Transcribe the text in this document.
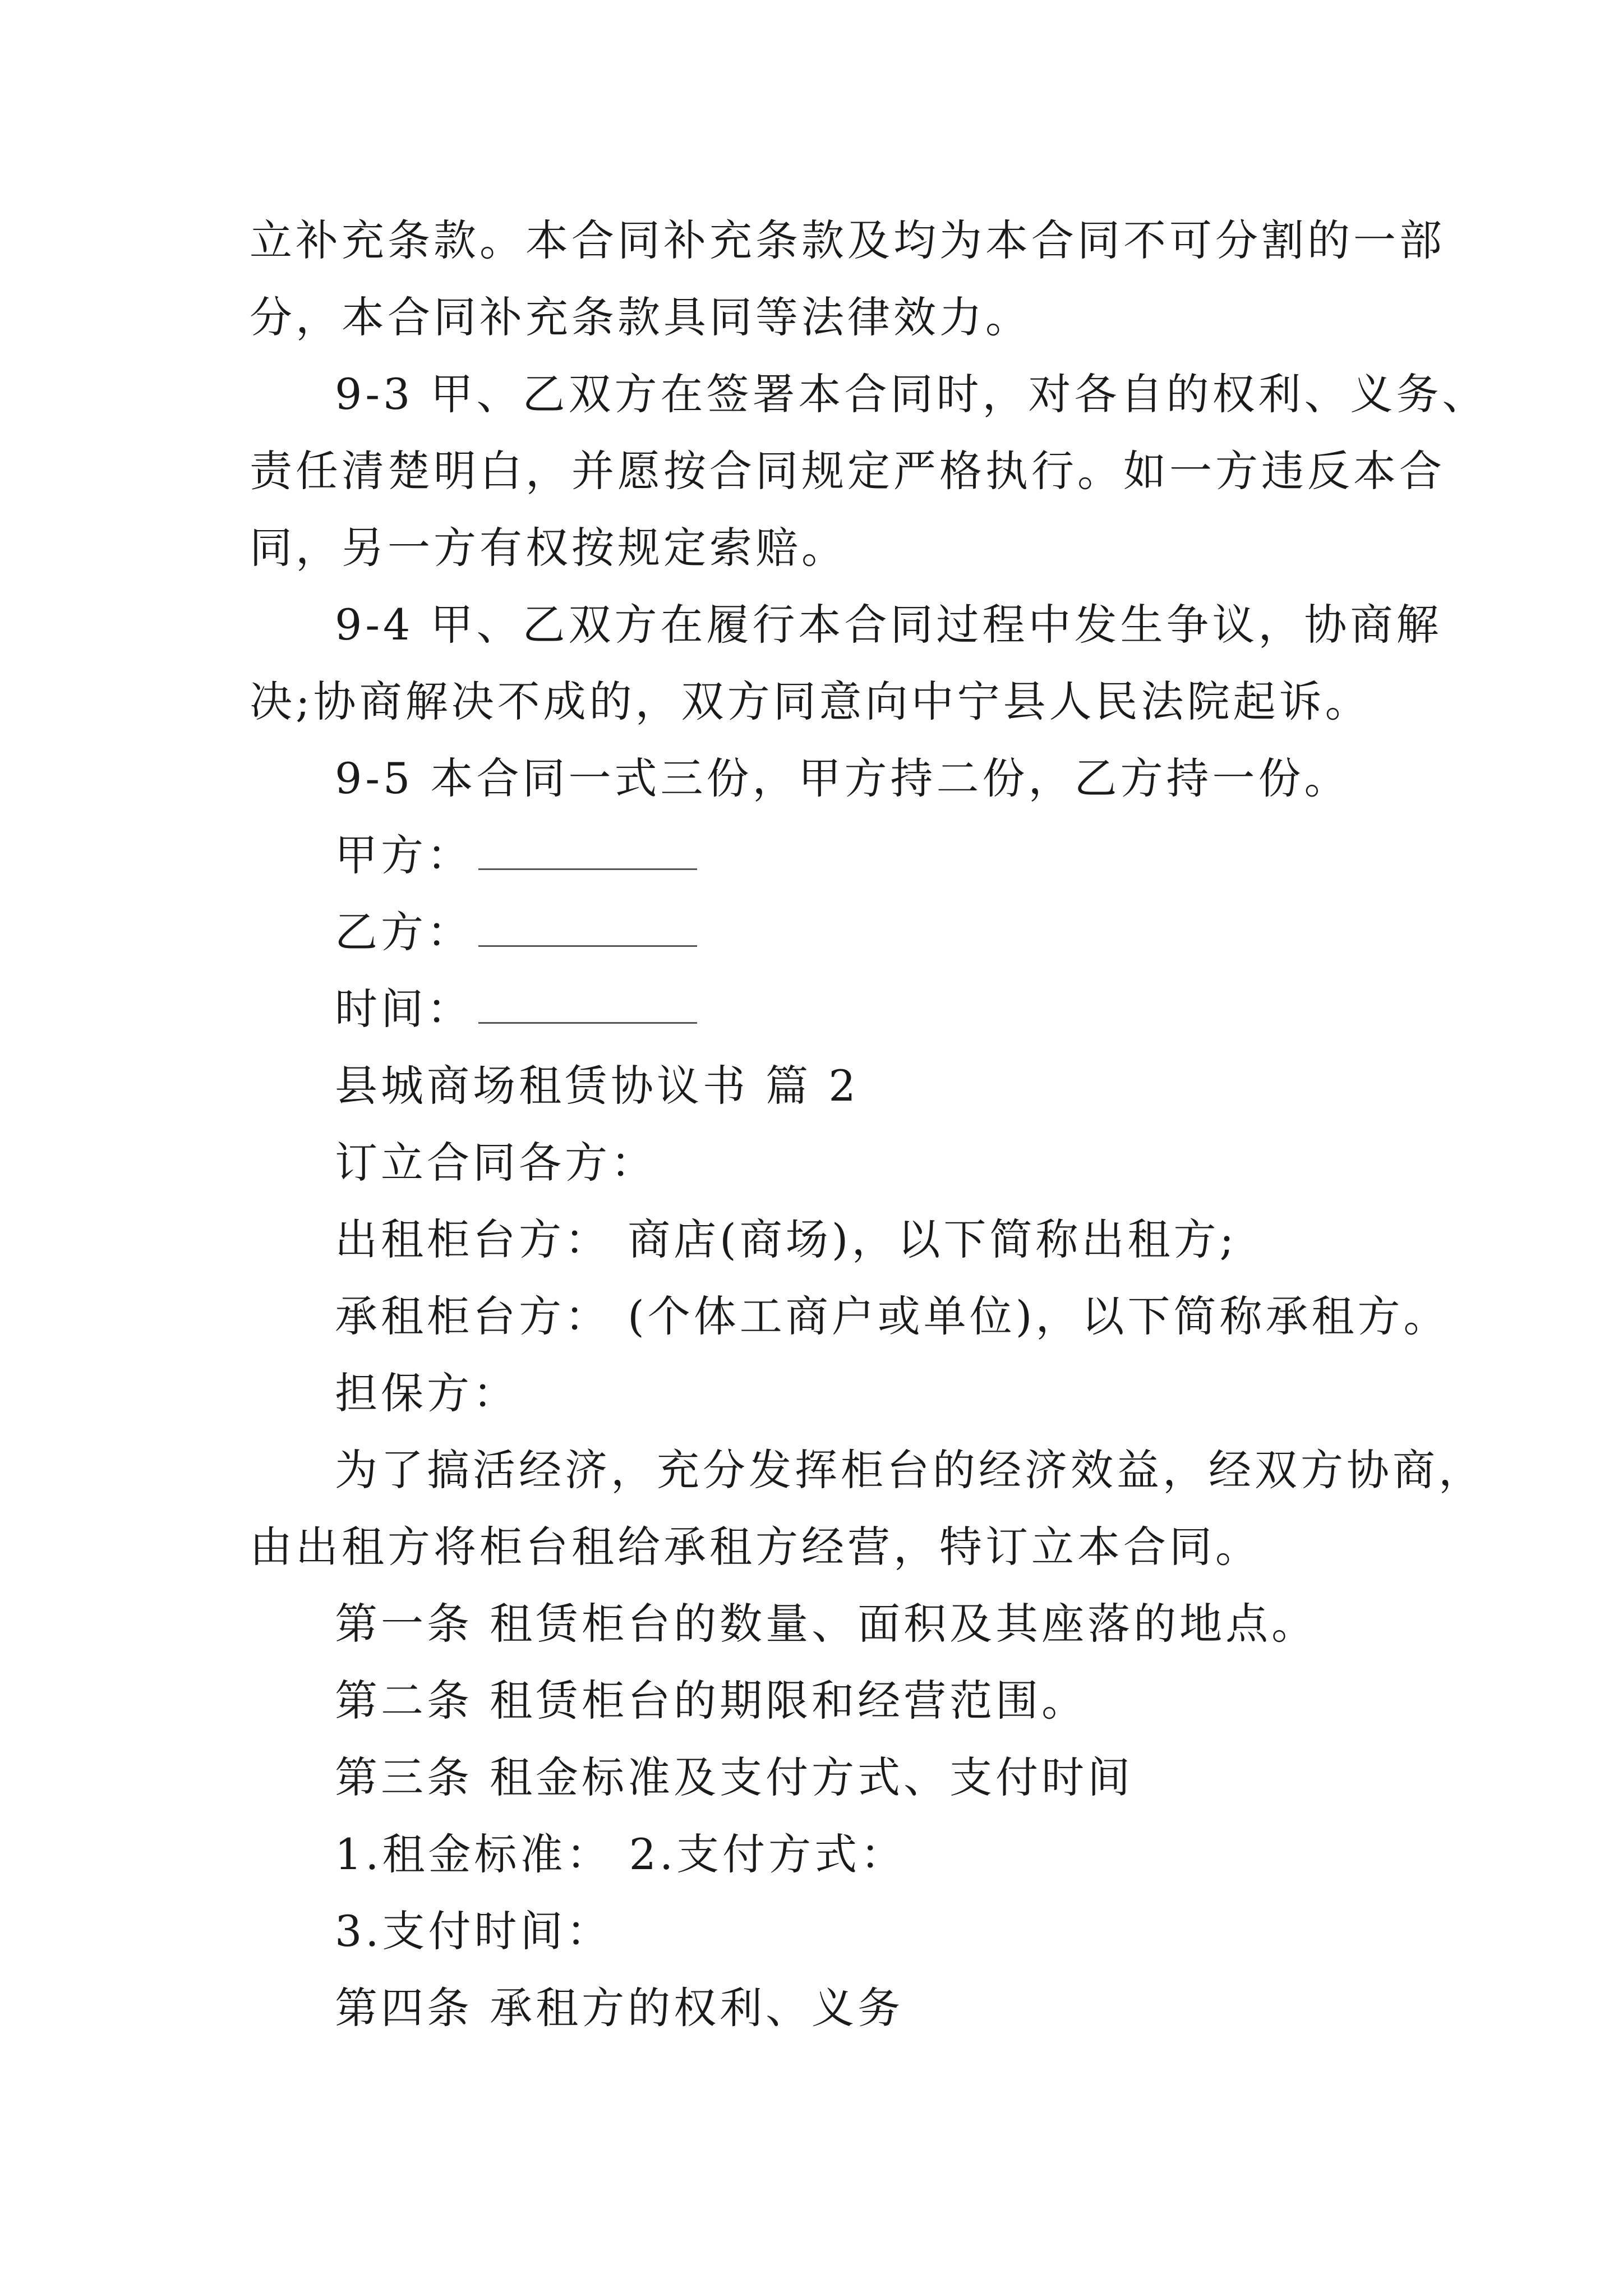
立补充条款。本合同补充条款及均为本合同不可分割的一部

分，本合同补充条款具同等法律效力。

9-3 甲、乙双方在签署本合同时，对各自的权利、义务、

责任清楚明白，并愿按合同规定严格执行。如一方违反本合

同，另一方有权按规定索赔。

9-4 甲、乙双方在履行本合同过程中发生争议，协商解

决;协商解决不成的，双方同意向中宁县人民法院起诉。

9-5 本合同一式三份，甲方持二份，乙方持一份。

甲方：

乙方：

时间：

县城商场租赁协议书 篇 2

订立合同各方：

出租柜台方： 商店(商场)，以下简称出租方;

承租柜台方： (个体工商户或单位)，以下简称承租方。

担保方：

为了搞活经济，充分发挥柜台的经济效益，经双方协商，

由出租方将柜台租给承租方经营，特订立本合同。

第一条 租赁柜台的数量、面积及其座落的地点。

第二条 租赁柜台的期限和经营范围。

第三条 租金标准及支付方式、支付时间

1.租金标准： 2.支付方式：

3.支付时间：

第四条 承租方的权利、义务
